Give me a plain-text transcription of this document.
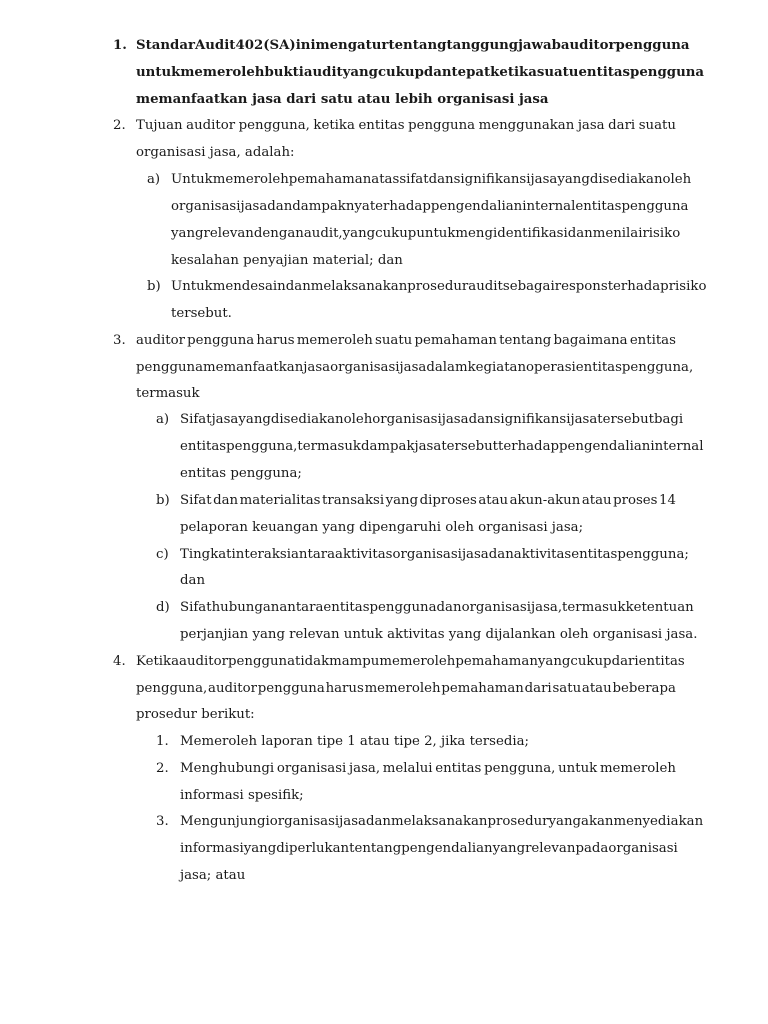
1. Standar Audit 402 (SA) ini mengatur tentang tanggung jawab auditor pengguna
untuk memeroleh bukti audit yang cukup dan tepat ketika suatu entitas pengguna
memanfaatkan jasa dari satu atau lebih organisasi jasa
2. Tujuan auditor pengguna, ketika entitas pengguna menggunakan jasa dari suatu
organisasi jasa, adalah:
a) Untuk memeroleh pemahaman atas sifat dan signifikansi jasa yang disediakan oleh
organisasi jasa dan dampaknya terhadap pengendalian internal entitas pengguna
yang relevan dengan audit, yang cukup untuk mengidentifikasi dan menilai risiko
kesalahan penyajian material; dan
b) Untuk mendesain dan melaksanakan prosedur audit sebagai respons terhadap risiko
tersebut.
3. auditor pengguna harus memeroleh suatu pemahaman tentang bagaimana entitas
pengguna memanfaatkan jasa organisasi jasa dalam kegiatan operasi entitas pengguna,
termasuk
a) Sifat jasa yang disediakan oleh organisasi jasa dan signifikansi jasa tersebut bagi
entitas pengguna, termasuk dampak jasa tersebut terhadap pengendalian internal
entitas pengguna;
b) Sifat dan materialitas transaksi yang diproses atau akun-akun atau proses 14
pelaporan keuangan yang dipengaruhi oleh organisasi jasa;
c) Tingkat interaksi antara aktivitas organisasi jasa dan aktivitas entitas pengguna;
dan
d) Sifat hubungan antara entitas pengguna dan organisasi jasa, termasuk ketentuan
perjanjian yang relevan untuk aktivitas yang dijalankan oleh organisasi jasa.
4. Ketika auditor pengguna tidak mampu memeroleh pemahaman yang cukup dari entitas
pengguna, auditor pengguna harus memeroleh pemahaman dari satu atau beberapa
prosedur berikut:
1. Memeroleh laporan tipe 1 atau tipe 2, jika tersedia;
2. Menghubungi organisasi jasa, melalui entitas pengguna, untuk memeroleh
informasi spesifik;
3. Mengunjungi organisasi jasa dan melaksanakan prosedur yang akan menyediakan
informasi yang diperlukan tentang pengendalian yang relevan pada organisasi
jasa; atau
